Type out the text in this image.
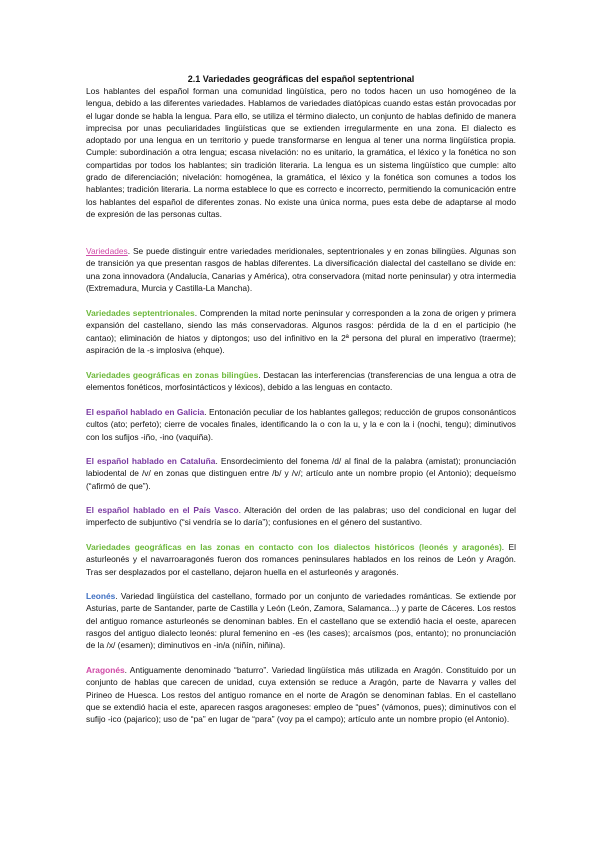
2.1 Variedades geográficas del español septentrional

Los hablantes del español forman una comunidad lingüística, pero no todos hacen un uso homogéneo de la lengua, debido a las diferentes variedades. Hablamos de variedades diatópicas cuando estas están provocadas por el lugar donde se habla la lengua. Para ello, se utiliza el término dialecto, un conjunto de hablas definido de manera imprecisa por unas peculiaridades lingüísticas que se extienden irregularmente en una zona. El dialecto es adoptado por una lengua en un territorio y puede transformarse en lengua al tener una norma lingüística propia. Cumple: subordinación a otra lengua; escasa nivelación: no es unitario, la gramática, el léxico y la fonética no son compartidas por todos los hablantes; sin tradición literaria. La lengua es un sistema lingüístico que cumple: alto grado de diferenciación; nivelación: homogénea, la gramática, el léxico y la fonética son comunes a todos los hablantes; tradición literaria. La norma establece lo que es correcto e incorrecto, permitiendo la comunicación entre los hablantes del español de diferentes zonas. No existe una única norma, pues esta debe de adaptarse al modo de expresión de las personas cultas.

Variedades. Se puede distinguir entre variedades meridionales, septentrionales y en zonas bilingües. Algunas son de transición ya que presentan rasgos de hablas diferentes. La diversificación dialectal del castellano se divide en: una zona innovadora (Andalucía, Canarias y América), otra conservadora (mitad norte peninsular) y otra intermedia (Extremadura, Murcia y Castilla-La Mancha).

Variedades septentrionales. Comprenden la mitad norte peninsular y corresponden a la zona de origen y primera expansión del castellano, siendo las más conservadoras. Algunos rasgos: pérdida de la d en el participio (he cantao); eliminación de hiatos y diptongos; uso del infinitivo en la 2ª persona del plural en imperativo (traerme); aspiración de la -s implosiva (ehque).

Variedades geográficas en zonas bilingües. Destacan las interferencias (transferencias de una lengua a otra de elementos fonéticos, morfosintácticos y léxicos), debido a las lenguas en contacto.

El español hablado en Galicia. Entonación peculiar de los hablantes gallegos; reducción de grupos consonánticos cultos (ato; perfeto); cierre de vocales finales, identificando la o con la u, y la e con la i (nochi, tengu); diminutivos con los sufijos -iño, -ino (vaquiña).

El español hablado en Cataluña. Ensordecimiento del fonema /d/ al final de la palabra (amistat); pronunciación labiodental de /v/ en zonas que distinguen entre /b/ y /v/; artículo ante un nombre propio (el Antonio); dequeísmo (“afirmó de que”).

El español hablado en el País Vasco. Alteración del orden de las palabras; uso del condicional en lugar del imperfecto de subjuntivo (“si vendría se lo daría”); confusiones en el género del sustantivo.

Variedades geográficas en las zonas en contacto con los dialectos históricos (leonés y aragonés). El asturleonés y el navarroaragonés fueron dos romances peninsulares hablados en los reinos de León y Aragón. Tras ser desplazados por el castellano, dejaron huella en el asturleonés y aragonés.

Leonés. Variedad lingüística del castellano, formado por un conjunto de variedades románticas. Se extiende por Asturias, parte de Santander, parte de Castilla y León (León, Zamora, Salamanca...) y parte de Cáceres. Los restos del antiguo romance asturleonés se denominan bables. En el castellano que se extendió hacia el oeste, aparecen rasgos del antiguo dialecto leonés: plural femenino en -es (les cases); arcaísmos (pos, entanto); no pronunciación de la /x/ (esamen); diminutivos en -in/a (niñín, niñina).

Aragonés. Antiguamente denominado “baturro”. Variedad lingüística más utilizada en Aragón. Constituido por un conjunto de hablas que carecen de unidad, cuya extensión se reduce a Aragón, parte de Navarra y valles del Pirineo de Huesca. Los restos del antiguo romance en el norte de Aragón se denominan fablas. En el castellano que se extendió hacia el este, aparecen rasgos aragoneses: empleo de “pues” (vámonos, pues); diminutivos con el sufijo -ico (pajarico); uso de “pa” en lugar de “para” (voy pa el campo); artículo ante un nombre propio (el Antonio).
